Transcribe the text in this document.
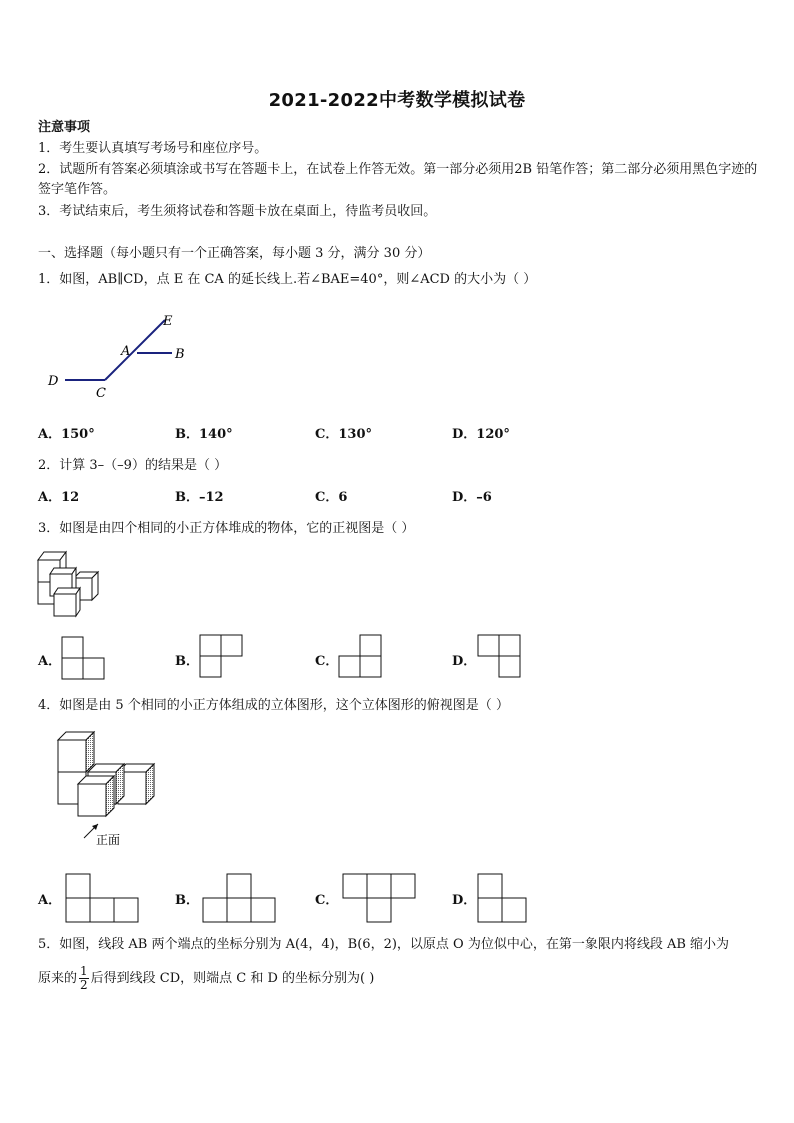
2021-2022中考数学模拟试卷
注意事项
1．考生要认真填写考场号和座位序号。
2．试题所有答案必须填涂或书写在答题卡上，在试卷上作答无效。第一部分必须用2B 铅笔作答；第二部分必须用黑色字迹的签字笔作答。
3．考试结束后，考生须将试卷和答题卡放在桌面上，待监考员收回。
一、选择题（每小题只有一个正确答案，每小题 3 分，满分 30 分）
1．如图，AB∥CD，点 E 在 CA 的延长线上.若∠BAE=40°，则∠ACD 的大小为（ ）
E
A	B
D
C
A．150°	B．140°	C．130°	D．120°
2．计算 3–（–9）的结果是（ ）
A．12	B．–12	C．6	D．–6
3．如图是由四个相同的小正方体堆成的物体，它的正视图是（ ）
A．	B．	C．	D．
4．如图是由 5 个相同的小正方体组成的立体图形，这个立体图形的俯视图是（ ）
正面
A．	B．	C．	D．
5．如图，线段 AB 两个端点的坐标分别为 A(4，4)，B(6，2)，以原点 O 为位似中心，在第一象限内将线段 AB 缩小为
原来的 $\frac{1}{2}$ 后得到线段 CD，则端点 C 和 D 的坐标分别为( )
